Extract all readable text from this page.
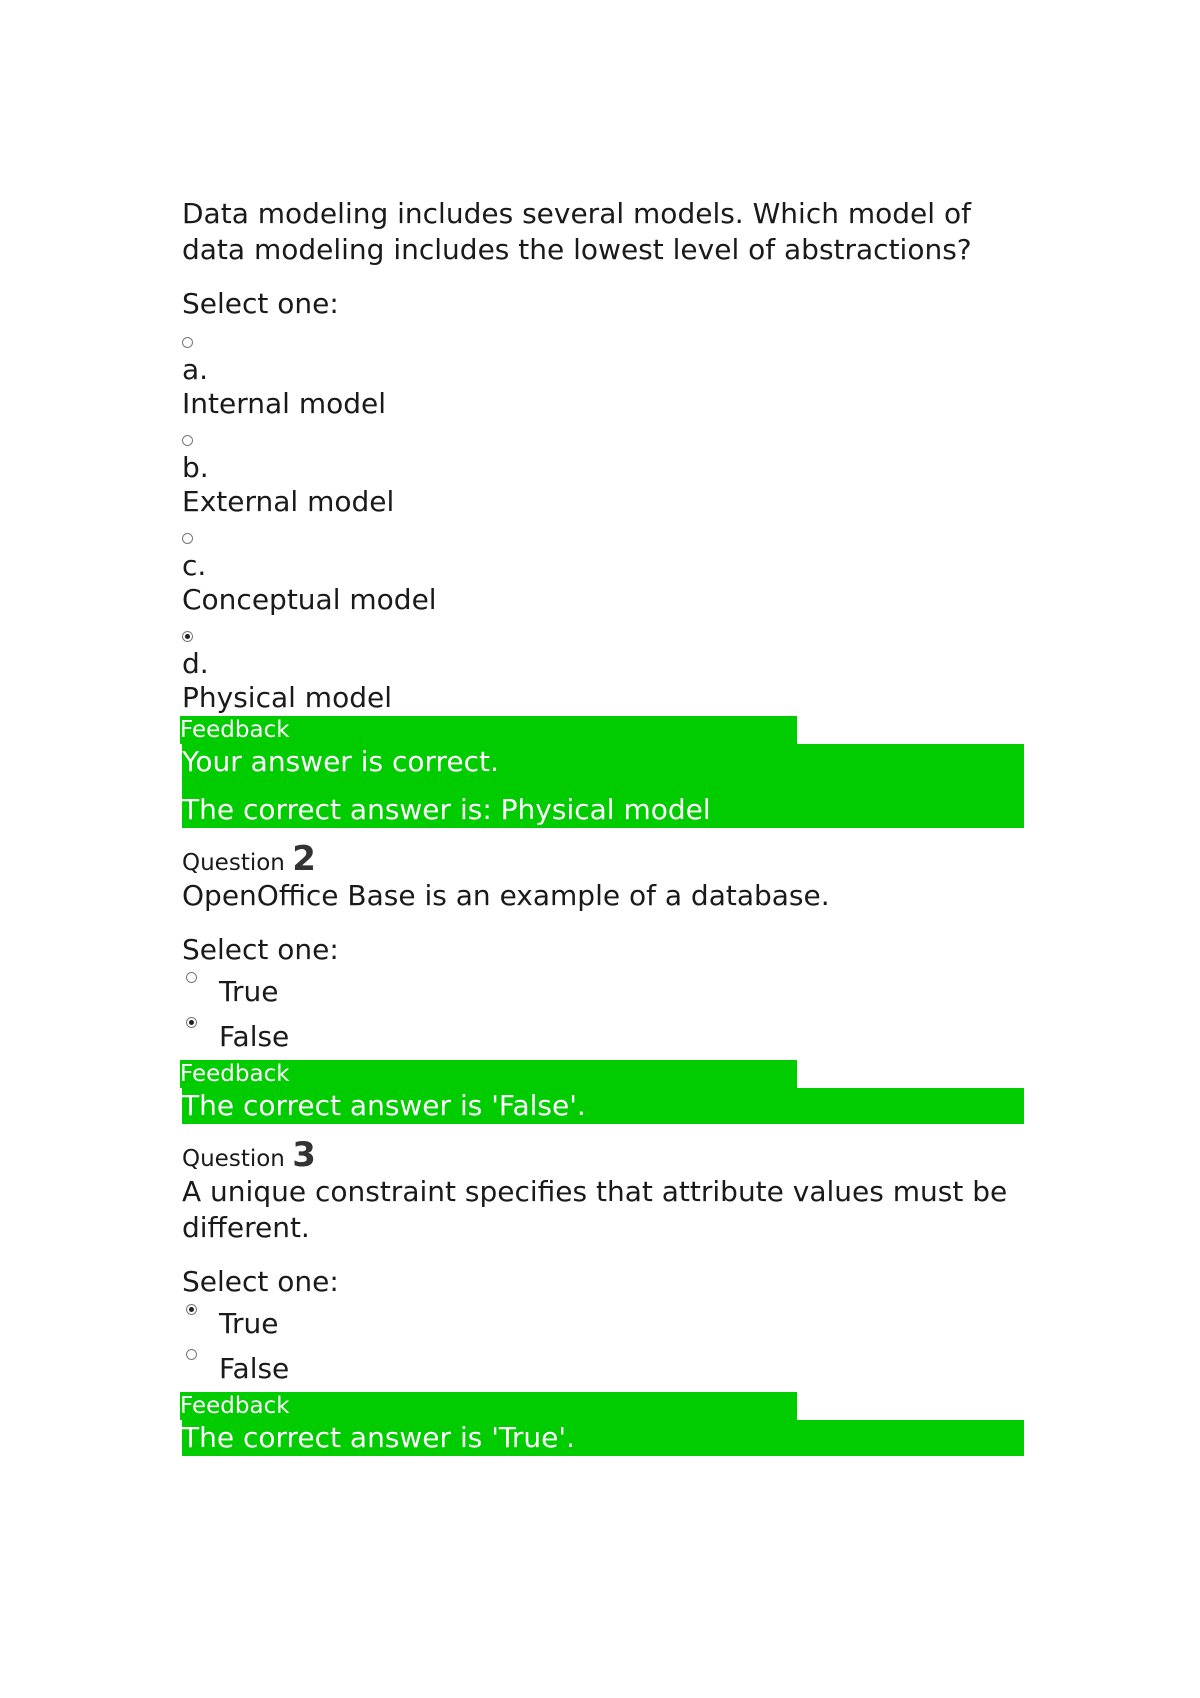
Data modeling includes several models. Which model of data modeling includes the lowest level of abstractions?

Select one:
a.
Internal model
b.
External model
c.
Conceptual model
d.
Physical model
Feedback

Your answer is correct.

The correct answer is: Physical model

Question 2

OpenOffice Base is an example of a database.

Select one:
True
False
Feedback

The correct answer is 'False'.

Question 3

A unique constraint specifies that attribute values must be different.

Select one:
True
False
Feedback

The correct answer is 'True'.
